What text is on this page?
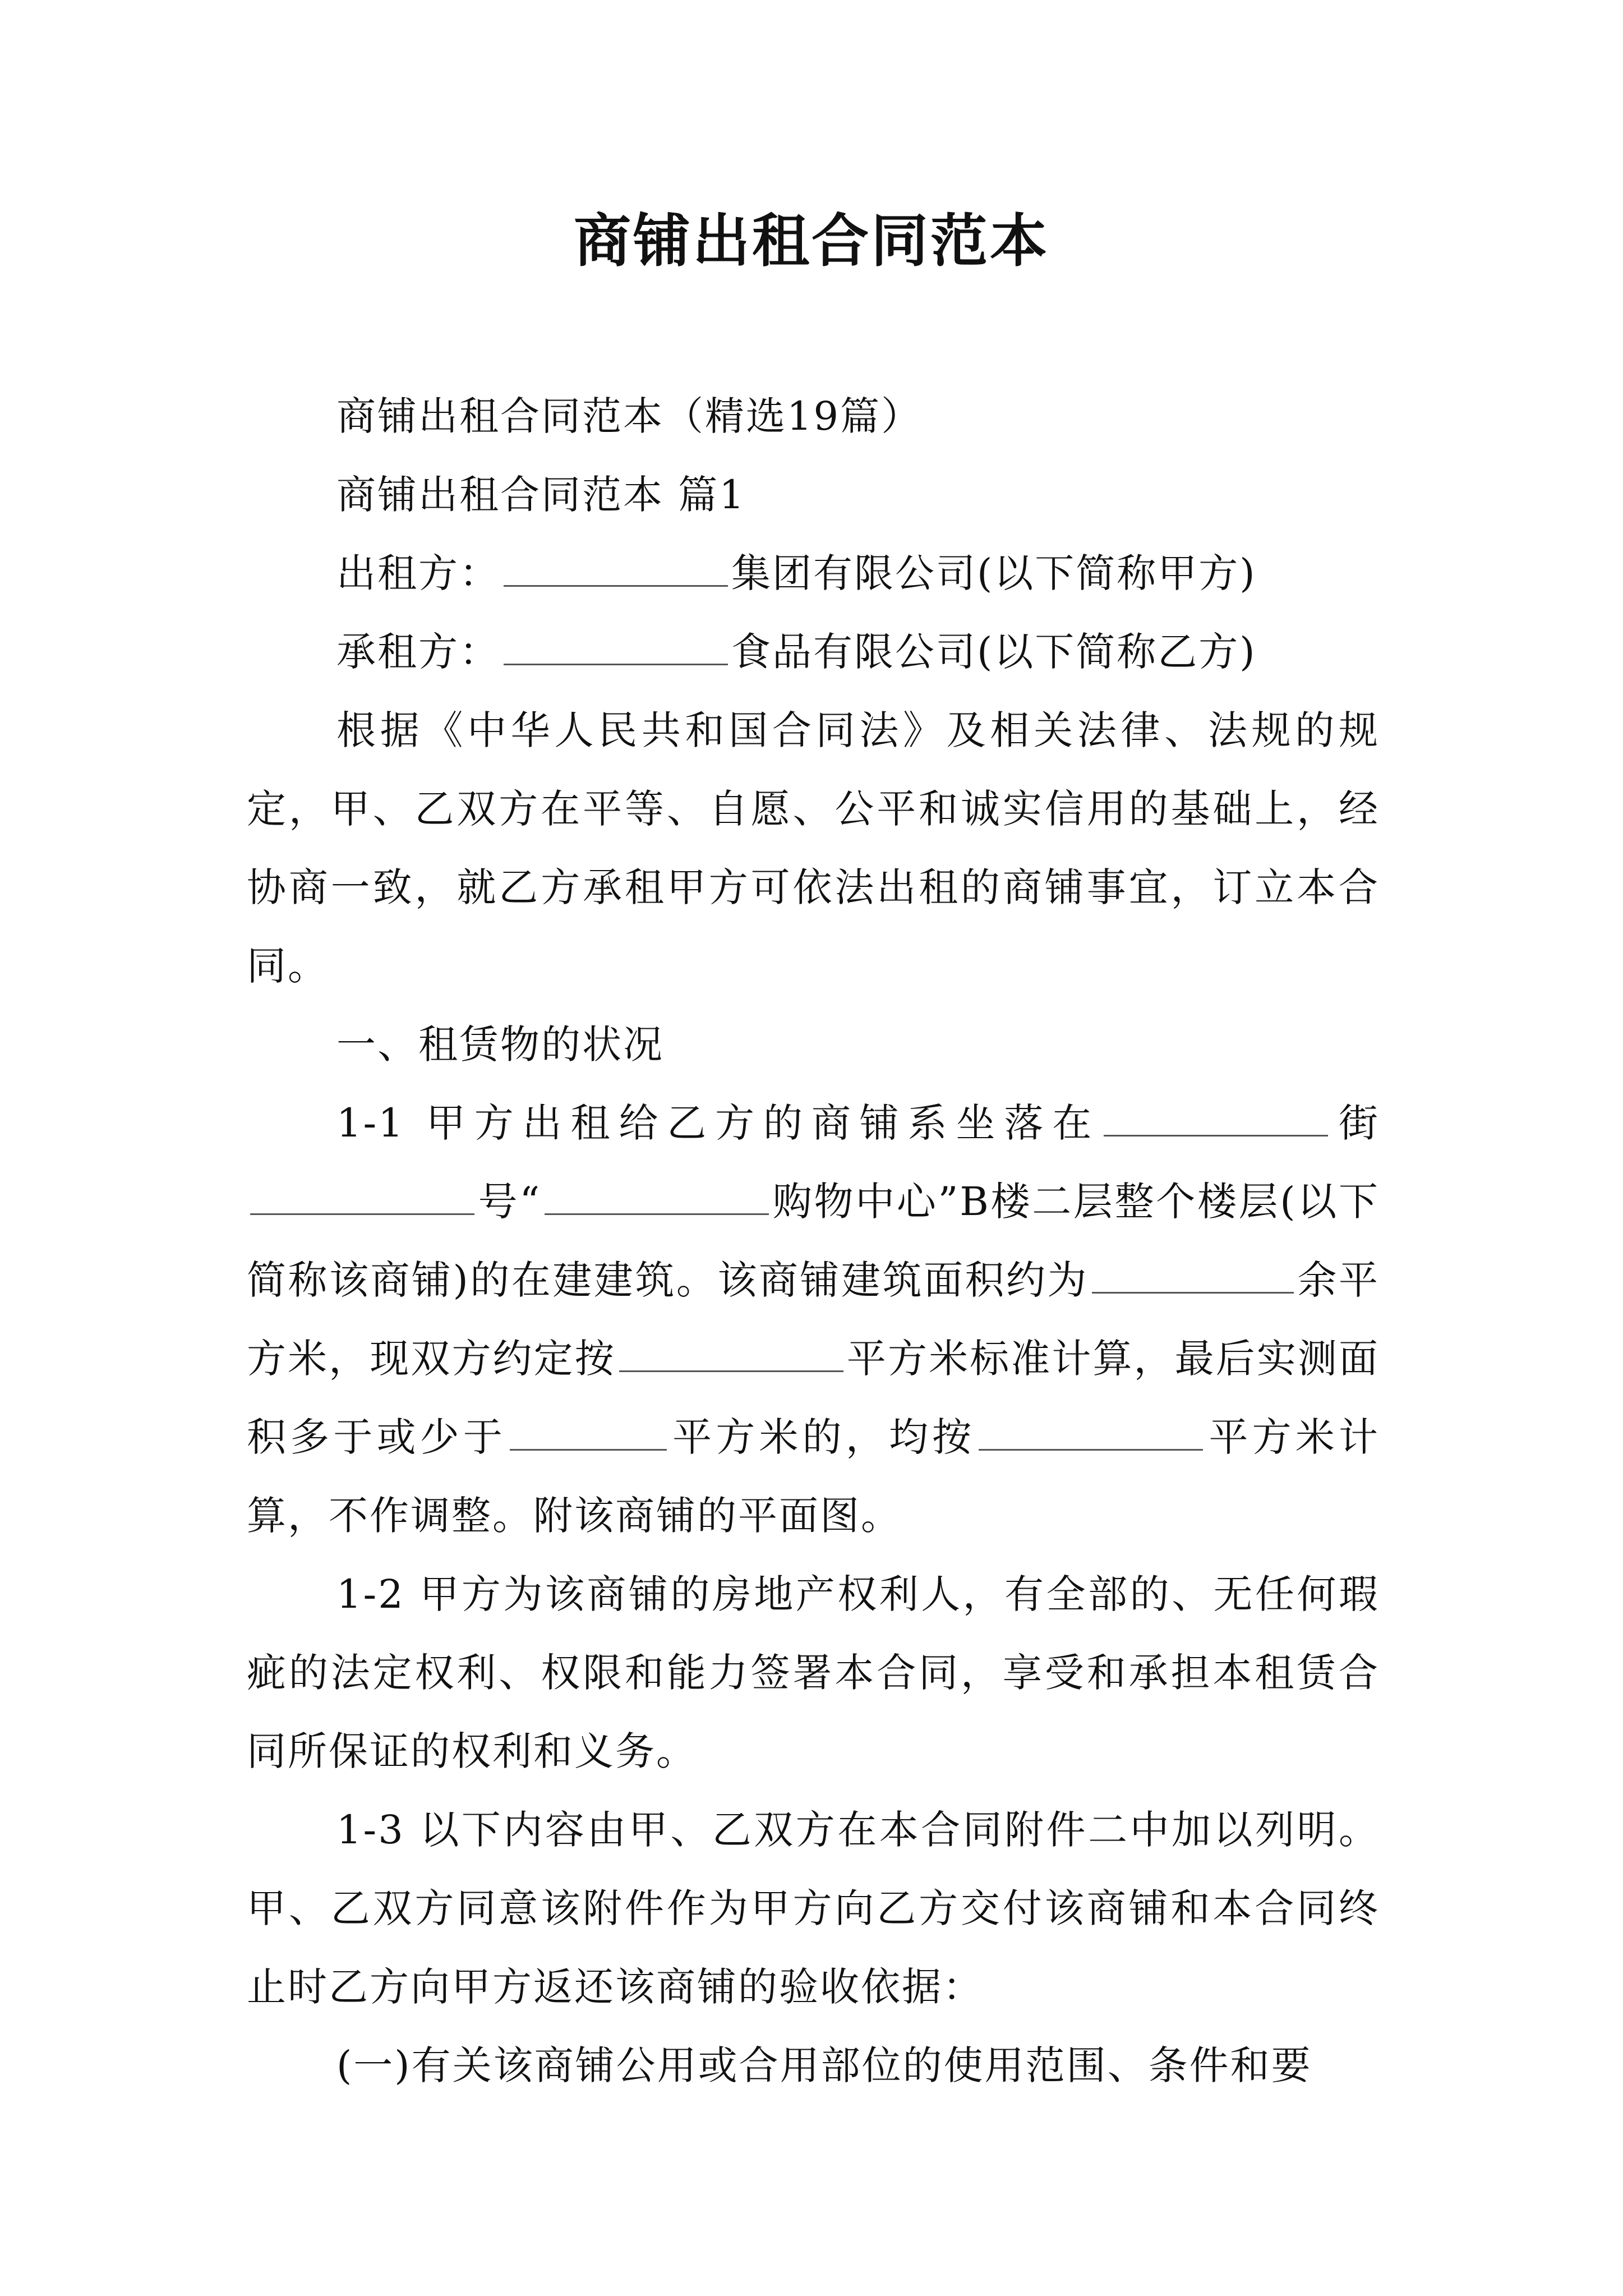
商铺出租合同范本

商铺出租合同范本（精选19篇）

商铺出租合同范本 篇1

出租方：	集团有限公司(以下简称甲方)

承租方：	食品有限公司(以下简称乙方)

根据《中华人民共和国合同法》及相关法律、法规的规定，甲、乙双方在平等、自愿、公平和诚实信用的基础上，经协商一致，就乙方承租甲方可依法出租的商铺事宜，订立本合同。

一、租赁物的状况

1-1 甲方出租给乙方的商铺系坐落在	街号“	购物中心”B楼二层整个楼层(以下简称该商铺)的在建建筑。该商铺建筑面积约为	余平方米，现双方约定按	平方米标准计算，最后实测面积多于或少于	平方米的，均按	平方米计算，不作调整。附该商铺的平面图。

1-2 甲方为该商铺的房地产权利人，有全部的、无任何瑕疵的法定权利、权限和能力签署本合同，享受和承担本租赁合同所保证的权利和义务。

1-3 以下内容由甲、乙双方在本合同附件二中加以列明。甲、乙双方同意该附件作为甲方向乙方交付该商铺和本合同终止时乙方向甲方返还该商铺的验收依据：

(一)有关该商铺公用或合用部位的使用范围、条件和要
